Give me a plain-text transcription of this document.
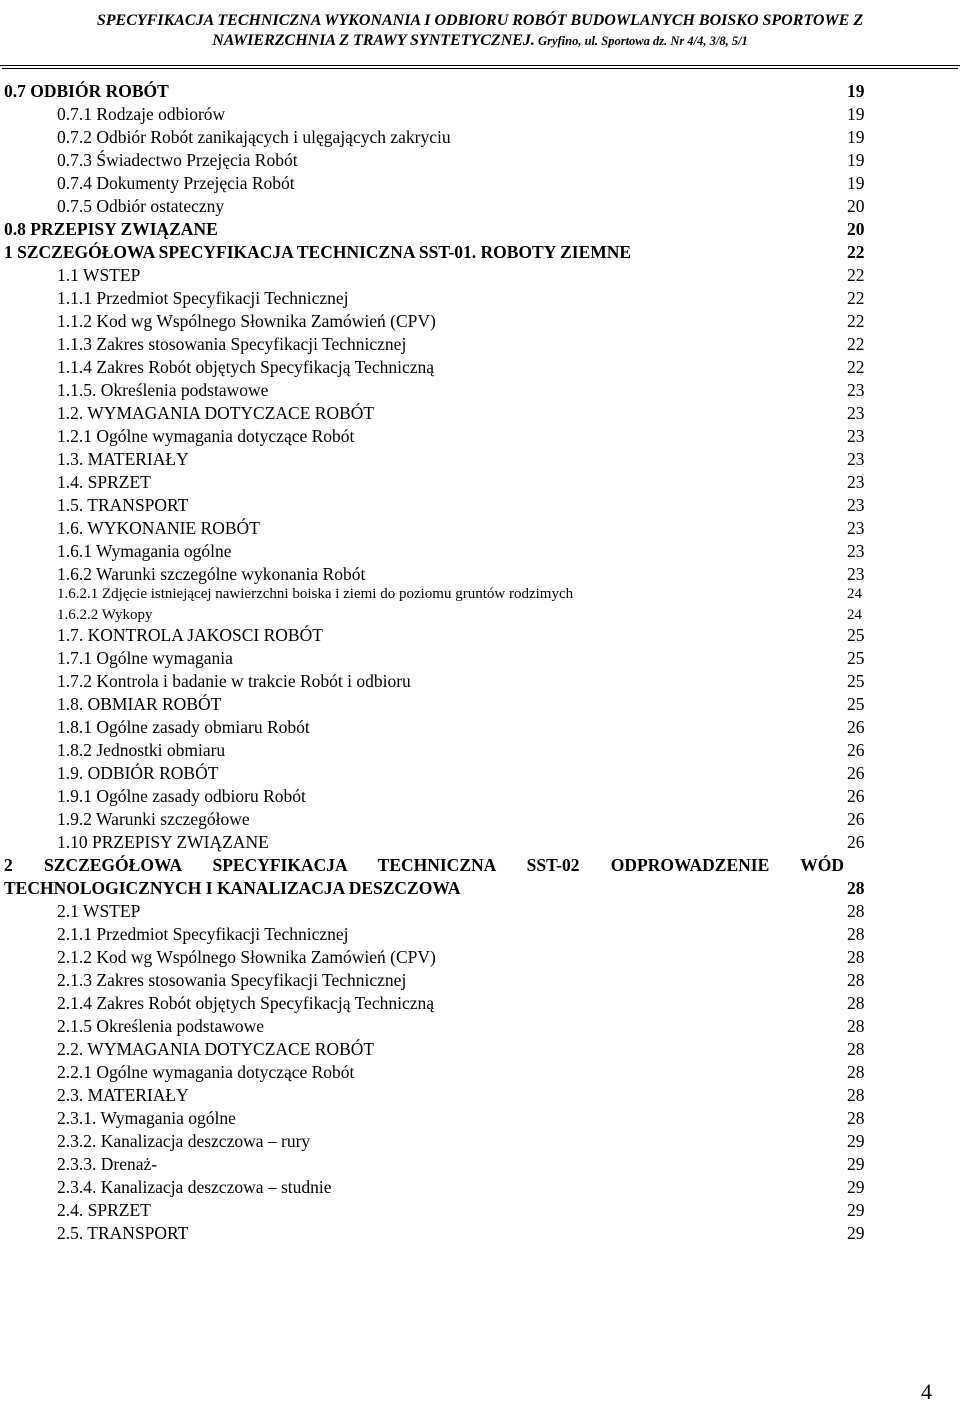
SPECYFIKACJA TECHNICZNA WYKONANIA I ODBIORU ROBÓT BUDOWLANYCH BOISKO SPORTOWE Z
NAWIERZCHNIA Z TRAWY SYNTETYCZNEJ. Gryfino, ul. Sportowa dz. Nr 4/4, 3/8, 5/1
0.7 ODBIÓR ROBÓT	19
0.7.1 Rodzaje odbiorów	19
0.7.2 Odbiór Robót zanikających i ulęgających zakryciu	19
0.7.3 Świadectwo Przejęcia Robót	19
0.7.4 Dokumenty Przejęcia Robót	19
0.7.5 Odbiór ostateczny	20
0.8 PRZEPISY ZWIĄZANE	20
1 SZCZEGÓŁOWA SPECYFIKACJA TECHNICZNA SST-01. ROBOTY ZIEMNE	22
1.1 WSTEP	22
1.1.1 Przedmiot Specyfikacji Technicznej	22
1.1.2 Kod wg Wspólnego Słownika Zamówień (CPV)	22
1.1.3 Zakres stosowania Specyfikacji Technicznej	22
1.1.4 Zakres Robót objętych Specyfikacją Techniczną	22
1.1.5. Określenia podstawowe	23
1.2. WYMAGANIA DOTYCZACE ROBÓT	23
1.2.1 Ogólne wymagania dotyczące Robót	23
1.3. MATERIAŁY	23
1.4. SPRZET	23
1.5. TRANSPORT	23
1.6. WYKONANIE ROBÓT	23
1.6.1 Wymagania ogólne	23
1.6.2 Warunki szczególne wykonania Robót	23
1.6.2.1 Zdjęcie istniejącej nawierzchni boiska i ziemi do poziomu gruntów rodzimych	24
1.6.2.2 Wykopy	24
1.7. KONTROLA JAKOSCI ROBÓT	25
1.7.1 Ogólne wymagania	25
1.7.2 Kontrola i badanie w trakcie Robót i odbioru	25
1.8. OBMIAR ROBÓT	25
1.8.1 Ogólne zasady obmiaru Robót	26
1.8.2 Jednostki obmiaru	26
1.9. ODBIÓR ROBÓT	26
1.9.1 Ogólne zasady odbioru Robót	26
1.9.2 Warunki szczegółowe	26
1.10 PRZEPISY ZWIĄZANE	26
2 SZCZEGÓŁOWA SPECYFIKACJA TECHNICZNA SST-02 ODPROWADZENIE WÓD
TECHNOLOGICZNYCH I KANALIZACJA DESZCZOWA	28
2.1 WSTEP	28
2.1.1 Przedmiot Specyfikacji Technicznej	28
2.1.2 Kod wg Wspólnego Słownika Zamówień (CPV)	28
2.1.3 Zakres stosowania Specyfikacji Technicznej	28
2.1.4 Zakres Robót objętych Specyfikacją Techniczną	28
2.1.5 Określenia podstawowe	28
2.2. WYMAGANIA DOTYCZACE ROBÓT	28
2.2.1 Ogólne wymagania dotyczące Robót	28
2.3. MATERIAŁY	28
2.3.1. Wymagania ogólne	28
2.3.2. Kanalizacja deszczowa – rury	29
2.3.3. Drenaż-	29
2.3.4. Kanalizacja deszczowa – studnie	29
2.4. SPRZET	29
2.5. TRANSPORT	29
4
